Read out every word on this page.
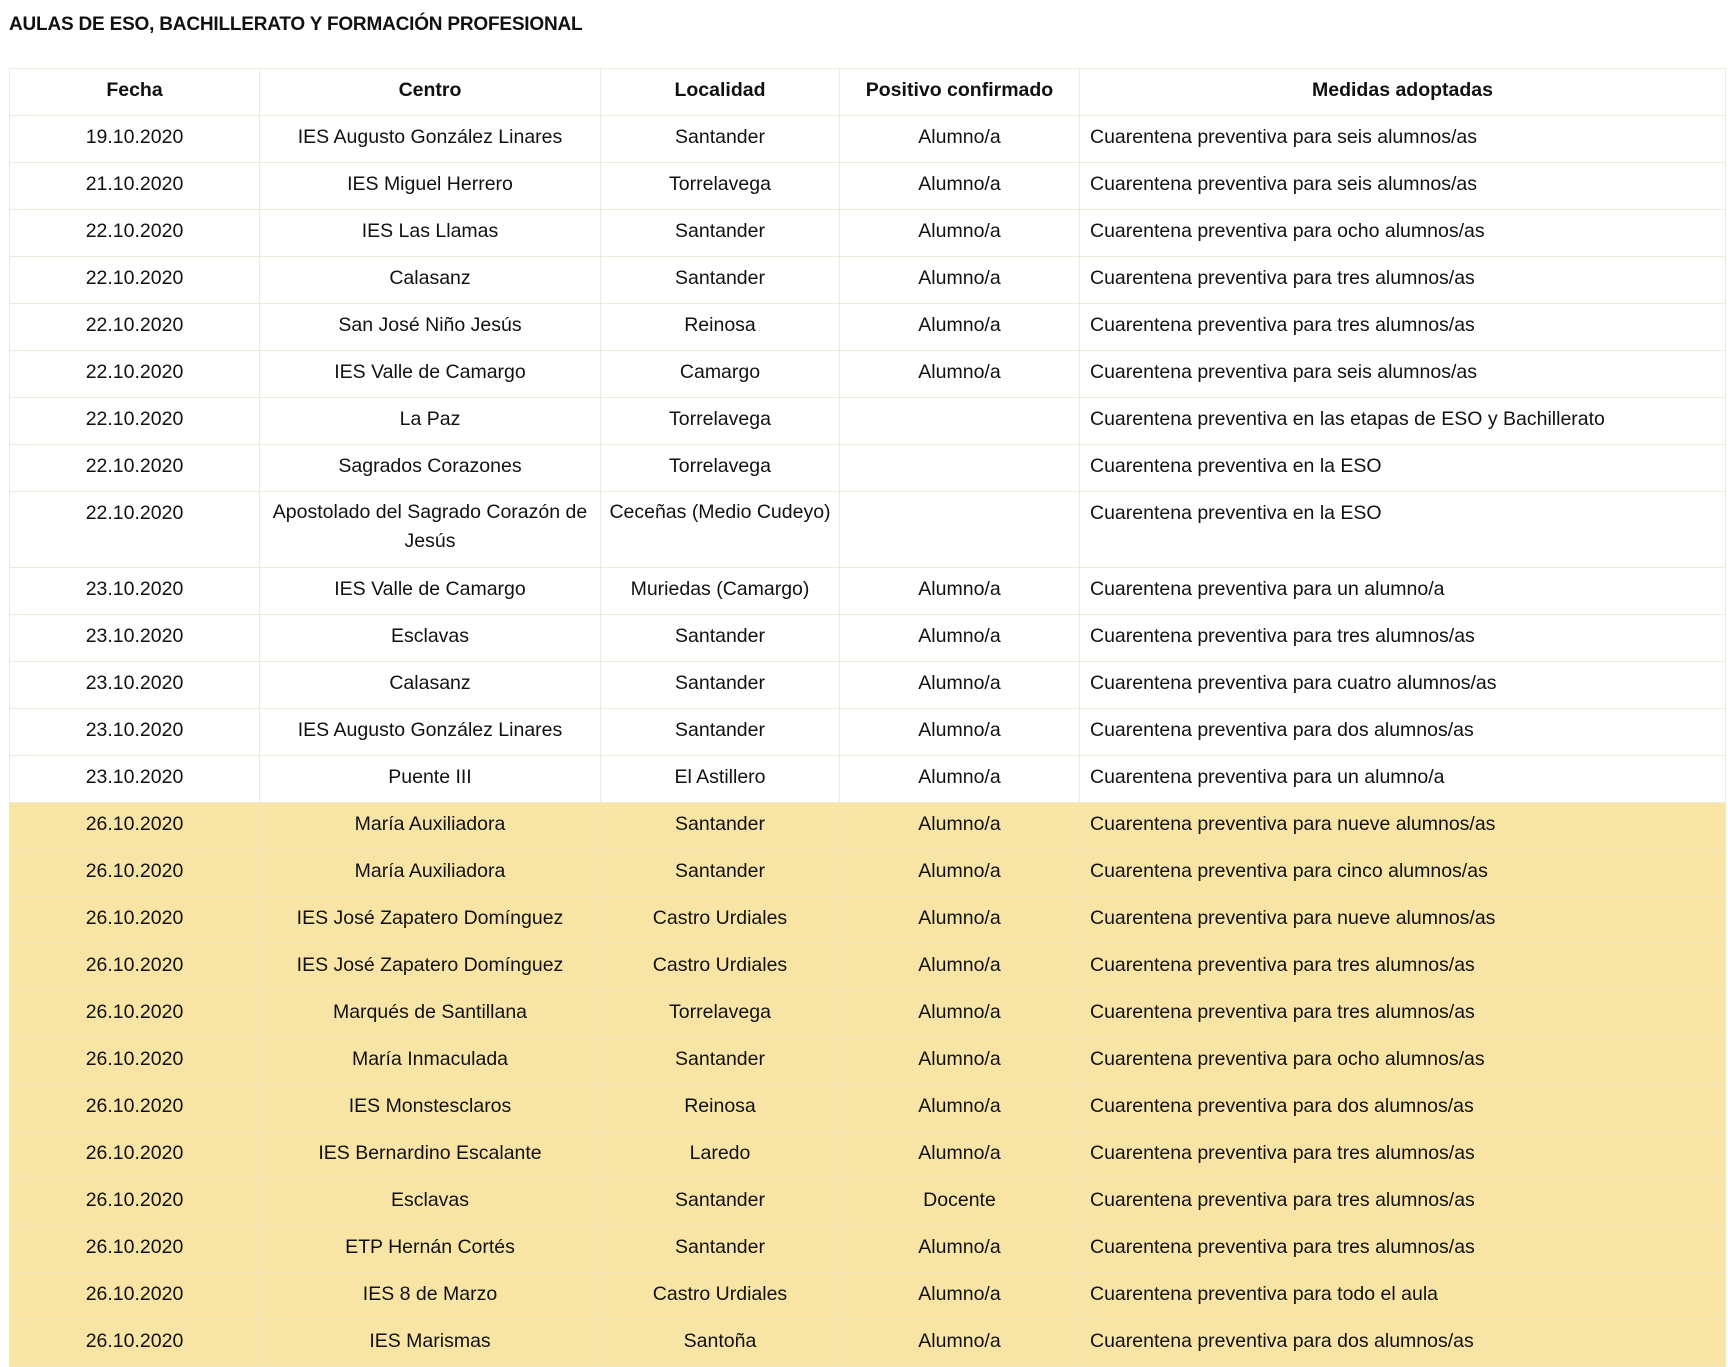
AULAS DE ESO, BACHILLERATO Y FORMACIÓN PROFESIONAL
Fecha	Centro	Localidad	Positivo confirmado	Medidas adoptadas
19.10.2020	IES Augusto González Linares	Santander	Alumno/a	Cuarentena preventiva para seis alumnos/as
21.10.2020	IES Miguel Herrero	Torrelavega	Alumno/a	Cuarentena preventiva para seis alumnos/as
22.10.2020	IES Las Llamas	Santander	Alumno/a	Cuarentena preventiva para ocho alumnos/as
22.10.2020	Calasanz	Santander	Alumno/a	Cuarentena preventiva para tres alumnos/as
22.10.2020	San José Niño Jesús	Reinosa	Alumno/a	Cuarentena preventiva para tres alumnos/as
22.10.2020	IES Valle de Camargo	Camargo	Alumno/a	Cuarentena preventiva para seis alumnos/as
22.10.2020	La Paz	Torrelavega		Cuarentena preventiva en las etapas de ESO y Bachillerato
22.10.2020	Sagrados Corazones	Torrelavega		Cuarentena preventiva en la ESO
22.10.2020	Apostolado del Sagrado Corazón de Jesús	Ceceñas (Medio Cudeyo)		Cuarentena preventiva en la ESO
23.10.2020	IES Valle de Camargo	Muriedas (Camargo)	Alumno/a	Cuarentena preventiva para un alumno/a
23.10.2020	Esclavas	Santander	Alumno/a	Cuarentena preventiva para tres alumnos/as
23.10.2020	Calasanz	Santander	Alumno/a	Cuarentena preventiva para cuatro alumnos/as
23.10.2020	IES Augusto González Linares	Santander	Alumno/a	Cuarentena preventiva para dos alumnos/as
23.10.2020	Puente III	El Astillero	Alumno/a	Cuarentena preventiva para un alumno/a
26.10.2020	María Auxiliadora	Santander	Alumno/a	Cuarentena preventiva para nueve alumnos/as
26.10.2020	María Auxiliadora	Santander	Alumno/a	Cuarentena preventiva para cinco alumnos/as
26.10.2020	IES José Zapatero Domínguez	Castro Urdiales	Alumno/a	Cuarentena preventiva para nueve alumnos/as
26.10.2020	IES José Zapatero Domínguez	Castro Urdiales	Alumno/a	Cuarentena preventiva para tres alumnos/as
26.10.2020	Marqués de Santillana	Torrelavega	Alumno/a	Cuarentena preventiva para tres alumnos/as
26.10.2020	María Inmaculada	Santander	Alumno/a	Cuarentena preventiva para ocho alumnos/as
26.10.2020	IES Monstesclaros	Reinosa	Alumno/a	Cuarentena preventiva para dos alumnos/as
26.10.2020	IES Bernardino Escalante	Laredo	Alumno/a	Cuarentena preventiva para tres alumnos/as
26.10.2020	Esclavas	Santander	Docente	Cuarentena preventiva para tres alumnos/as
26.10.2020	ETP Hernán Cortés	Santander	Alumno/a	Cuarentena preventiva para tres alumnos/as
26.10.2020	IES 8 de Marzo	Castro Urdiales	Alumno/a	Cuarentena preventiva para todo el aula
26.10.2020	IES Marismas	Santoña	Alumno/a	Cuarentena preventiva para dos alumnos/as
